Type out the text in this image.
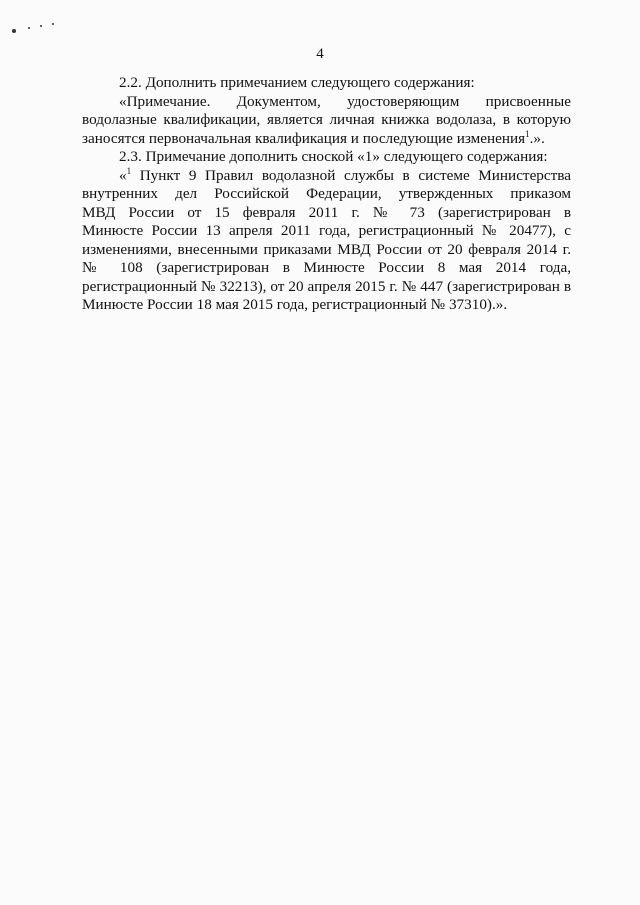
4

2.2. Дополнить примечанием следующего содержания:

«Примечание. Документом, удостоверяющим присвоенные
водолазные квалификации, является личная книжка водолаза, в которую
заносятся первоначальная квалификация и последующие изменения$^1$.».

2.3. Примечание дополнить сноской «1» следующего содержания:

«$^1$ Пункт 9 Правил водолазной службы в системе Министерства
внутренних дел Российской Федерации, утвержденных приказом
МВД России от 15 февраля 2011 г. № 73 (зарегистрирован в
Минюсте России 13 апреля 2011 года, регистрационный № 20477), с
изменениями, внесенными приказами МВД России от 20 февраля 2014 г.
№ 108 (зарегистрирован в Минюсте России 8 мая 2014 года,
регистрационный № 32213), от 20 апреля 2015 г. № 447 (зарегистрирован в
Минюсте России 18 мая 2015 года, регистрационный № 37310).».
